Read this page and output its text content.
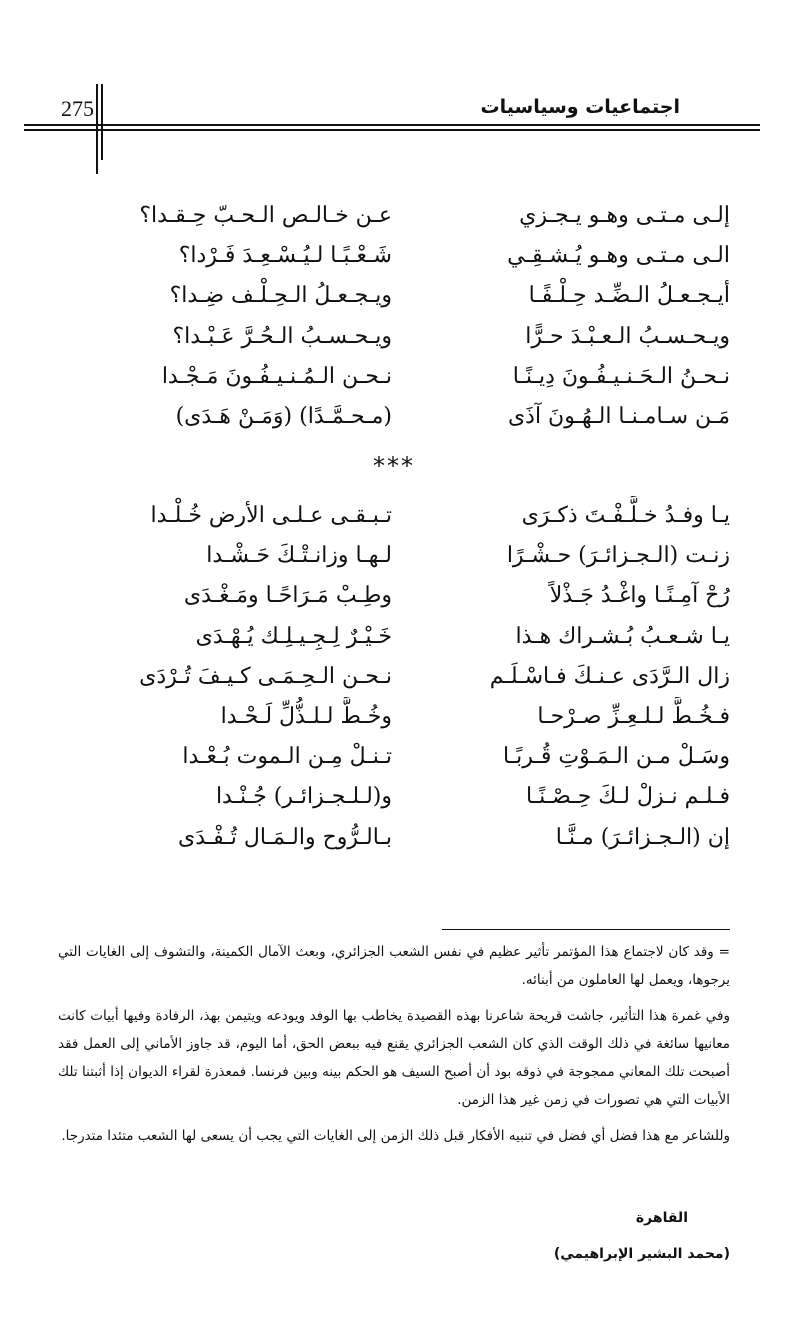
اجتماعيات وسياسيات
275
إلـى مـتـى وهـو يـجـزي
عـن خـالـص الـحـبّ حِـقـدا؟
الـى مـتـى وهـو يُـشـقِـي
شَـعْـبًـا لـيُـسْـعِـدَ فَـرْدا؟
أيـجـعـلُ الـضِّـد حِـلْـفًـا
ويـجـعـلُ الـحِـلْـف ضِـدا؟
ويـحـسـبُ الـعـبْـدَ حـرًّا
ويـحـسـبُ الـحُـرَّ عَـبْـدا؟
نـحـنُ الـحَـنـيـفُـونَ دِيـنًـا
نـحـن الـمُـنـيـفُـونَ مَـجْـدا
مَـن سـامـنـا الـهُـونَ آذَى
(مـحـمَّـدًا) (وَمَـنْ هَـدَى)
***
يـا وفـدُ خـلَّـفْـتَ ذكـرَى
تـبـقـى عـلـى الأرض خُـلْـدا
زنـت (الـجـزائـرَ) حـشْـرًا
لـهـا وزانـتْـكَ حَـشْـدا
رُحْ آمِـنًـا واغْـدُ جَـذْلاً
وطِـبْ مَـرَاحًـا ومَـغْـدَى
يـا شـعـبُ بُـشـراك هـذا
خَـيْـرٌ لِـجِـيـلِـك يُـهْـدَى
زال الـرَّدَى عـنـكَ فـاسْـلَـم
نـحـن الـحِـمَـى كـيـفَ تُـرْدَى
فـخُـطَّ لـلـعِـزِّ صـرْحـا
وخُـطَّ لـلـذُّلِّ لَـحْـدا
وسَـلْ مـن الـمَـوْتِ قُـربًـا
تـنـلْ مِـن الـموت بُـعْـدا
فـلـم نـزلْ لـكَ حِـصْـنًـا
و(لـلـجـزائـر) جُـنْـدا
إن (الـجـزائـرَ) مـنَّـا
بـالـرُّوح والـمَـال تُـفْـدَى

= وقد كان لاجتماع هذا المؤتمر تأثير عظيم في نفس الشعب الجزائري، وبعث الآمال الكمينة، والتشوف إلى الغايات التي يرجوها، ويعمل لها العاملون من أبنائه.

وفي غمرة هذا التأثير، جاشت قريحة شاعرنا بهذه القصيدة يخاطب بها الوفد ويودعه ويتيمن بهذ، الرفادة وفيها أبيات كانت معانيها سائغة في ذلك الوقت الذي كان الشعب الجزائري يقنع فيه ببعض الحق، أما اليوم، قد جاوز الأماني إلى العمل فقد أصبحت تلك المعاني ممجوجة في ذوقه بود أن أصبح السيف هو الحكم بينه وبين فرنسا. فمعذرة لقراء الديوان إذا أثبتنا تلك الأبيات التي هي تصورات في زمن غير هذا الزمن.

وللشاعر مع هذا فضل أي فضل في تنبيه الأفكار قبل ذلك الزمن إلى الغايات التي يجب أن يسعى لها الشعب متئدا متدرجا.

القاهرة
(محمد البشير الإبراهيمي)
